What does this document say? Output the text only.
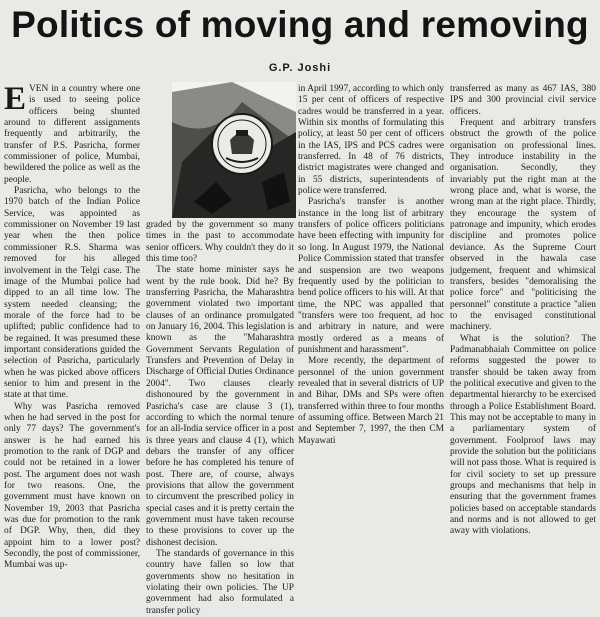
Politics of moving and removing
G.P. Joshi

EVEN in a country where one is used to seeing police officers being shunted around to different assignments frequently and arbitrarily, the transfer of P.S. Pasricha, former commissioner of police, Mumbai, bewildered the police as well as the people.

Pasricha, who belongs to the 1970 batch of the Indian Police Service, was appointed as commissioner on November 19 last year when the then police commissioner R.S. Sharma was removed for his alleged involvement in the Telgi case. The image of the Mumbai police had dipped to an all time low. The system needed cleansing; the morale of the force had to be uplifted; public confidence had to be regained. It was presumed these important considerations guided the selection of Pasricha, particularly when he was picked above officers senior to him and present in the state at that time.

Why was Pasricha removed when he had served in the post for only 77 days? The government's answer is he had earned his promotion to the rank of DGP and could not be retained in a lower post. The argument does not wash for two reasons. One, the government must have known on November 19, 2003 that Pasricha was due for promotion to the rank of DGP. Why, then, did they appoint him to a lower post? Secondly, the post of commissioner, Mumbai was up-

graded by the government so many times in the past to accommodate senior officers. Why couldn't they do it this time too?

The state home minister says he went by the rule book. Did he? By transferring Pasricha, the Maharashtra government violated two important clauses of an ordinance promulgated on January 16, 2004. This legislation is known as the "Maharashtra Government Servants Regulation of Transfers and Prevention of Delay in Discharge of Official Duties Ordinance 2004". Two clauses clearly dishonoured by the government in Pasricha's case are clause 3 (1), according to which the normal tenure for an all-India service officer in a post is three years and clause 4 (1), which debars the transfer of any officer before he has completed his tenure of post. There are, of course, always provisions that allow the government to circumvent the prescribed policy in special cases and it is pretty certain the government must have taken recourse to these provisions to cover up the dishonest decision.

The standards of governance in this country have fallen so low that governments show no hesitation in violating their own policies. The UP government had also formulated a transfer policy

in April 1997, according to which only 15 per cent of officers of respective cadres would be transferred in a year. Within six months of formulating this policy, at least 50 per cent of officers in the IAS, IPS and PCS cadres were transferred. In 48 of 76 districts, district magistrates were changed and in 55 districts, superintendents of police were transferred.

Pasricha's transfer is another instance in the long list of arbitrary transfers of police officers politicians have been effecting with impunity for so long. In August 1979, the National Police Commission stated that transfer and suspension are two weapons frequently used by the politician to bend police officers to his will. At that time, the NPC was appalled that "transfers were too frequent, ad hoc and arbitrary in nature, and were mostly ordered as a means of punishment and harassment".

More recently, the department of personnel of the union government revealed that in several districts of UP and Bihar, DMs and SPs were often transferred within three to four months of assuming office. Between March 21 and September 7, 1997, the then CM Mayawati

transferred as many as 467 IAS, 380 IPS and 300 provincial civil service officers.

Frequent and arbitrary transfers obstruct the growth of the police organisation on professional lines. They introduce instability in the organisation. Secondly, they invariably put the right man at the wrong place and, what is worse, the wrong man at the right place. Thirdly, they encourage the system of patronage and impunity, which erodes discipline and promotes police deviance. As the Supreme Court observed in the hawala case judgement, frequent and whimsical transfers, besides "demoralising the police force" and "politicising the personnel" constitute a practice "alien to the envisaged constitutional machinery.

What is the solution? The Padmanabhaiah Committee on police reforms suggested the power to transfer should be taken away from the political executive and given to the departmental hierarchy to be exercised through a Police Establishment Board. This may not be acceptable to many in a parliamentary system of government. Foolproof laws may provide the solution but the politicians will not pass those. What is required is for civil society to set up pressure groups and mechanisms that help in ensuring that the government frames policies based on acceptable standards and norms and is not allowed to get away with violations.
